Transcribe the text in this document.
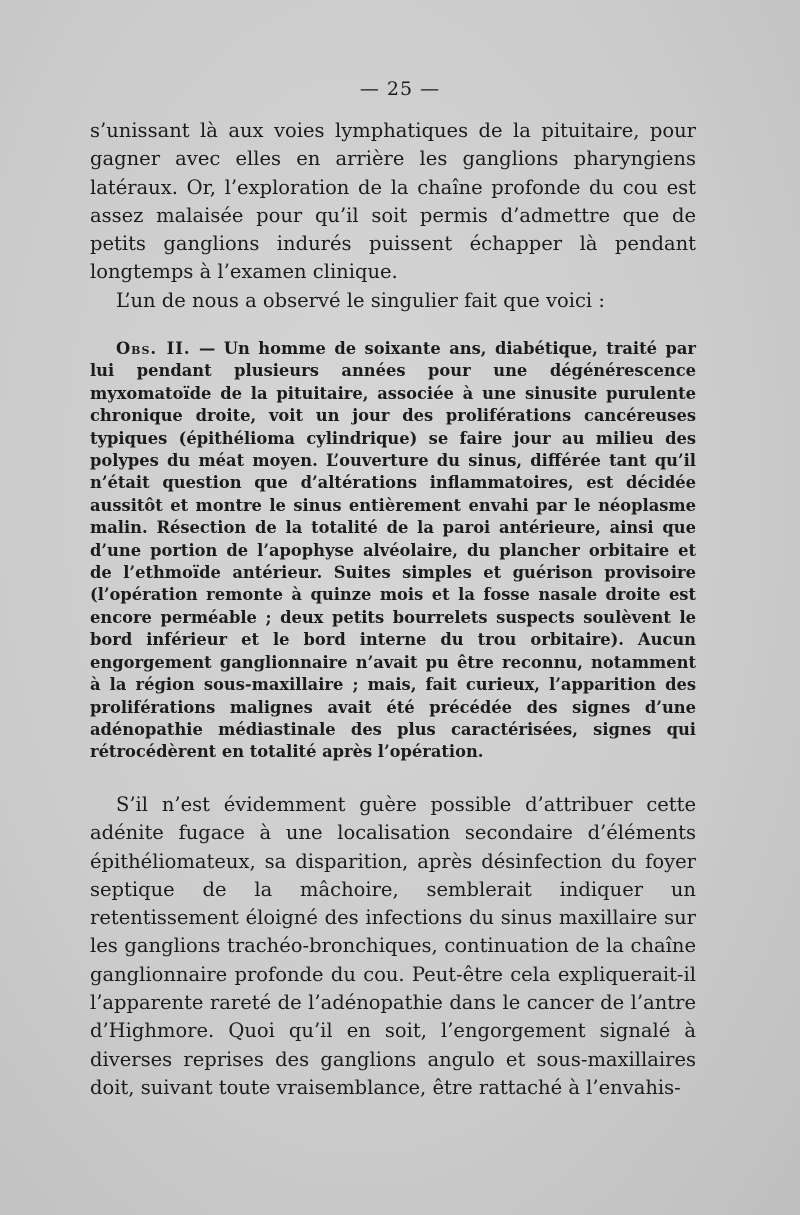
— 25 —

s’unissant là aux voies lymphatiques de la pituitaire, pour gagner avec elles en arrière les ganglions pharyngiens latéraux. Or, l’exploration de la chaîne profonde du cou est assez malaisée pour qu’il soit permis d’admettre que de petits ganglions indurés puissent échapper là pendant longtemps à l’examen clinique.

L’un de nous a observé le singulier fait que voici :

Obs. II. — Un homme de soixante ans, diabétique, traité par lui pendant plusieurs années pour une dégénérescence myxomatoïde de la pituitaire, associée à une sinusite purulente chronique droite, voit un jour des proliférations cancéreuses typiques (épithélioma cylindrique) se faire jour au milieu des polypes du méat moyen. L’ouverture du sinus, différée tant qu’il n’était question que d’altérations inflammatoires, est décidée aussitôt et montre le sinus entièrement envahi par le néoplasme malin. Résection de la totalité de la paroi antérieure, ainsi que d’une portion de l’apophyse alvéolaire, du plancher orbitaire et de l’ethmoïde antérieur. Suites simples et guérison provisoire (l’opération remonte à quinze mois et la fosse nasale droite est encore perméable ; deux petits bourrelets suspects soulèvent le bord inférieur et le bord interne du trou orbitaire). Aucun engorgement ganglionnaire n’avait pu être reconnu, notamment à la région sous-maxillaire ; mais, fait curieux, l’apparition des proliférations malignes avait été précédée des signes d’une adénopathie médiastinale des plus caractérisées, signes qui rétrocédèrent en totalité après l’opération.

S’il n’est évidemment guère possible d’attribuer cette adénite fugace à une localisation secondaire d’éléments épithéliomateux, sa disparition, après désinfection du foyer septique de la mâchoire, semblerait indiquer un retentissement éloigné des infections du sinus maxillaire sur les ganglions trachéo-bronchiques, continuation de la chaîne ganglionnaire profonde du cou. Peut-être cela expliquerait-il l’apparente rareté de l’adénopathie dans le cancer de l’antre d’Highmore. Quoi qu’il en soit, l’engorgement signalé à diverses reprises des ganglions angulo et sous-maxillaires doit, suivant toute vraisemblance, être rattaché à l’envahis-
